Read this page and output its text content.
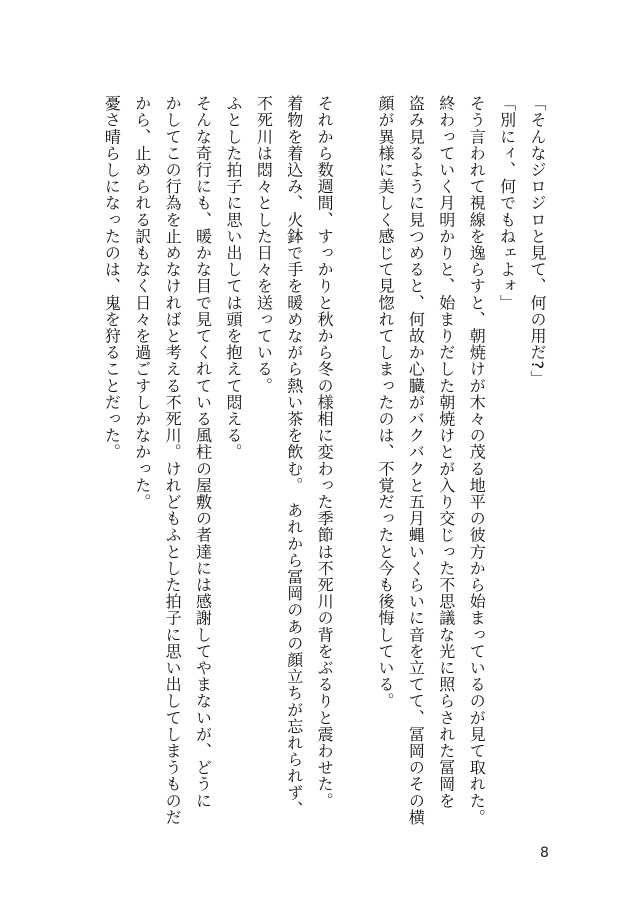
「そんなジロジロと見て、何の用だ?」

「別にィ、何でもねェよォ」

そう言われて視線を逸らすと、朝焼けが木々の茂る地平の彼方から始まっているのが見て取れた。

終わっていく月明かりと、始まりだした朝焼けとが入り交じった不思議な光に照らされた冨岡を

盗み見るように見つめると、何故か心臓がバクバクと五月蝿いくらいに音を立てて、冨岡のその横

顔が異様に美しく感じて見惚れてしまったのは、不覚だったと今も後悔している。

それから数週間、すっかりと秋から冬の様相に変わった季節は不死川の背をぶるりと震わせた。

着物を着込み、火鉢で手を暖めながら熱い茶を飲む。　あれから冨岡のあの顔立ちが忘れられず、

不死川は悶々とした日々を送っている。

ふとした拍子に思い出しては頭を抱えて悶える。

そんな奇行にも、暖かな目で見てくれている風柱の屋敷の者達には感謝してやまないが、どうに

かしてこの行為を止めなければと考える不死川。けれどもふとした拍子に思い出してしまうものだ

から、止められる訳もなく日々を過ごすしかなかった。

憂さ晴らしになったのは、鬼を狩ることだった。

8
